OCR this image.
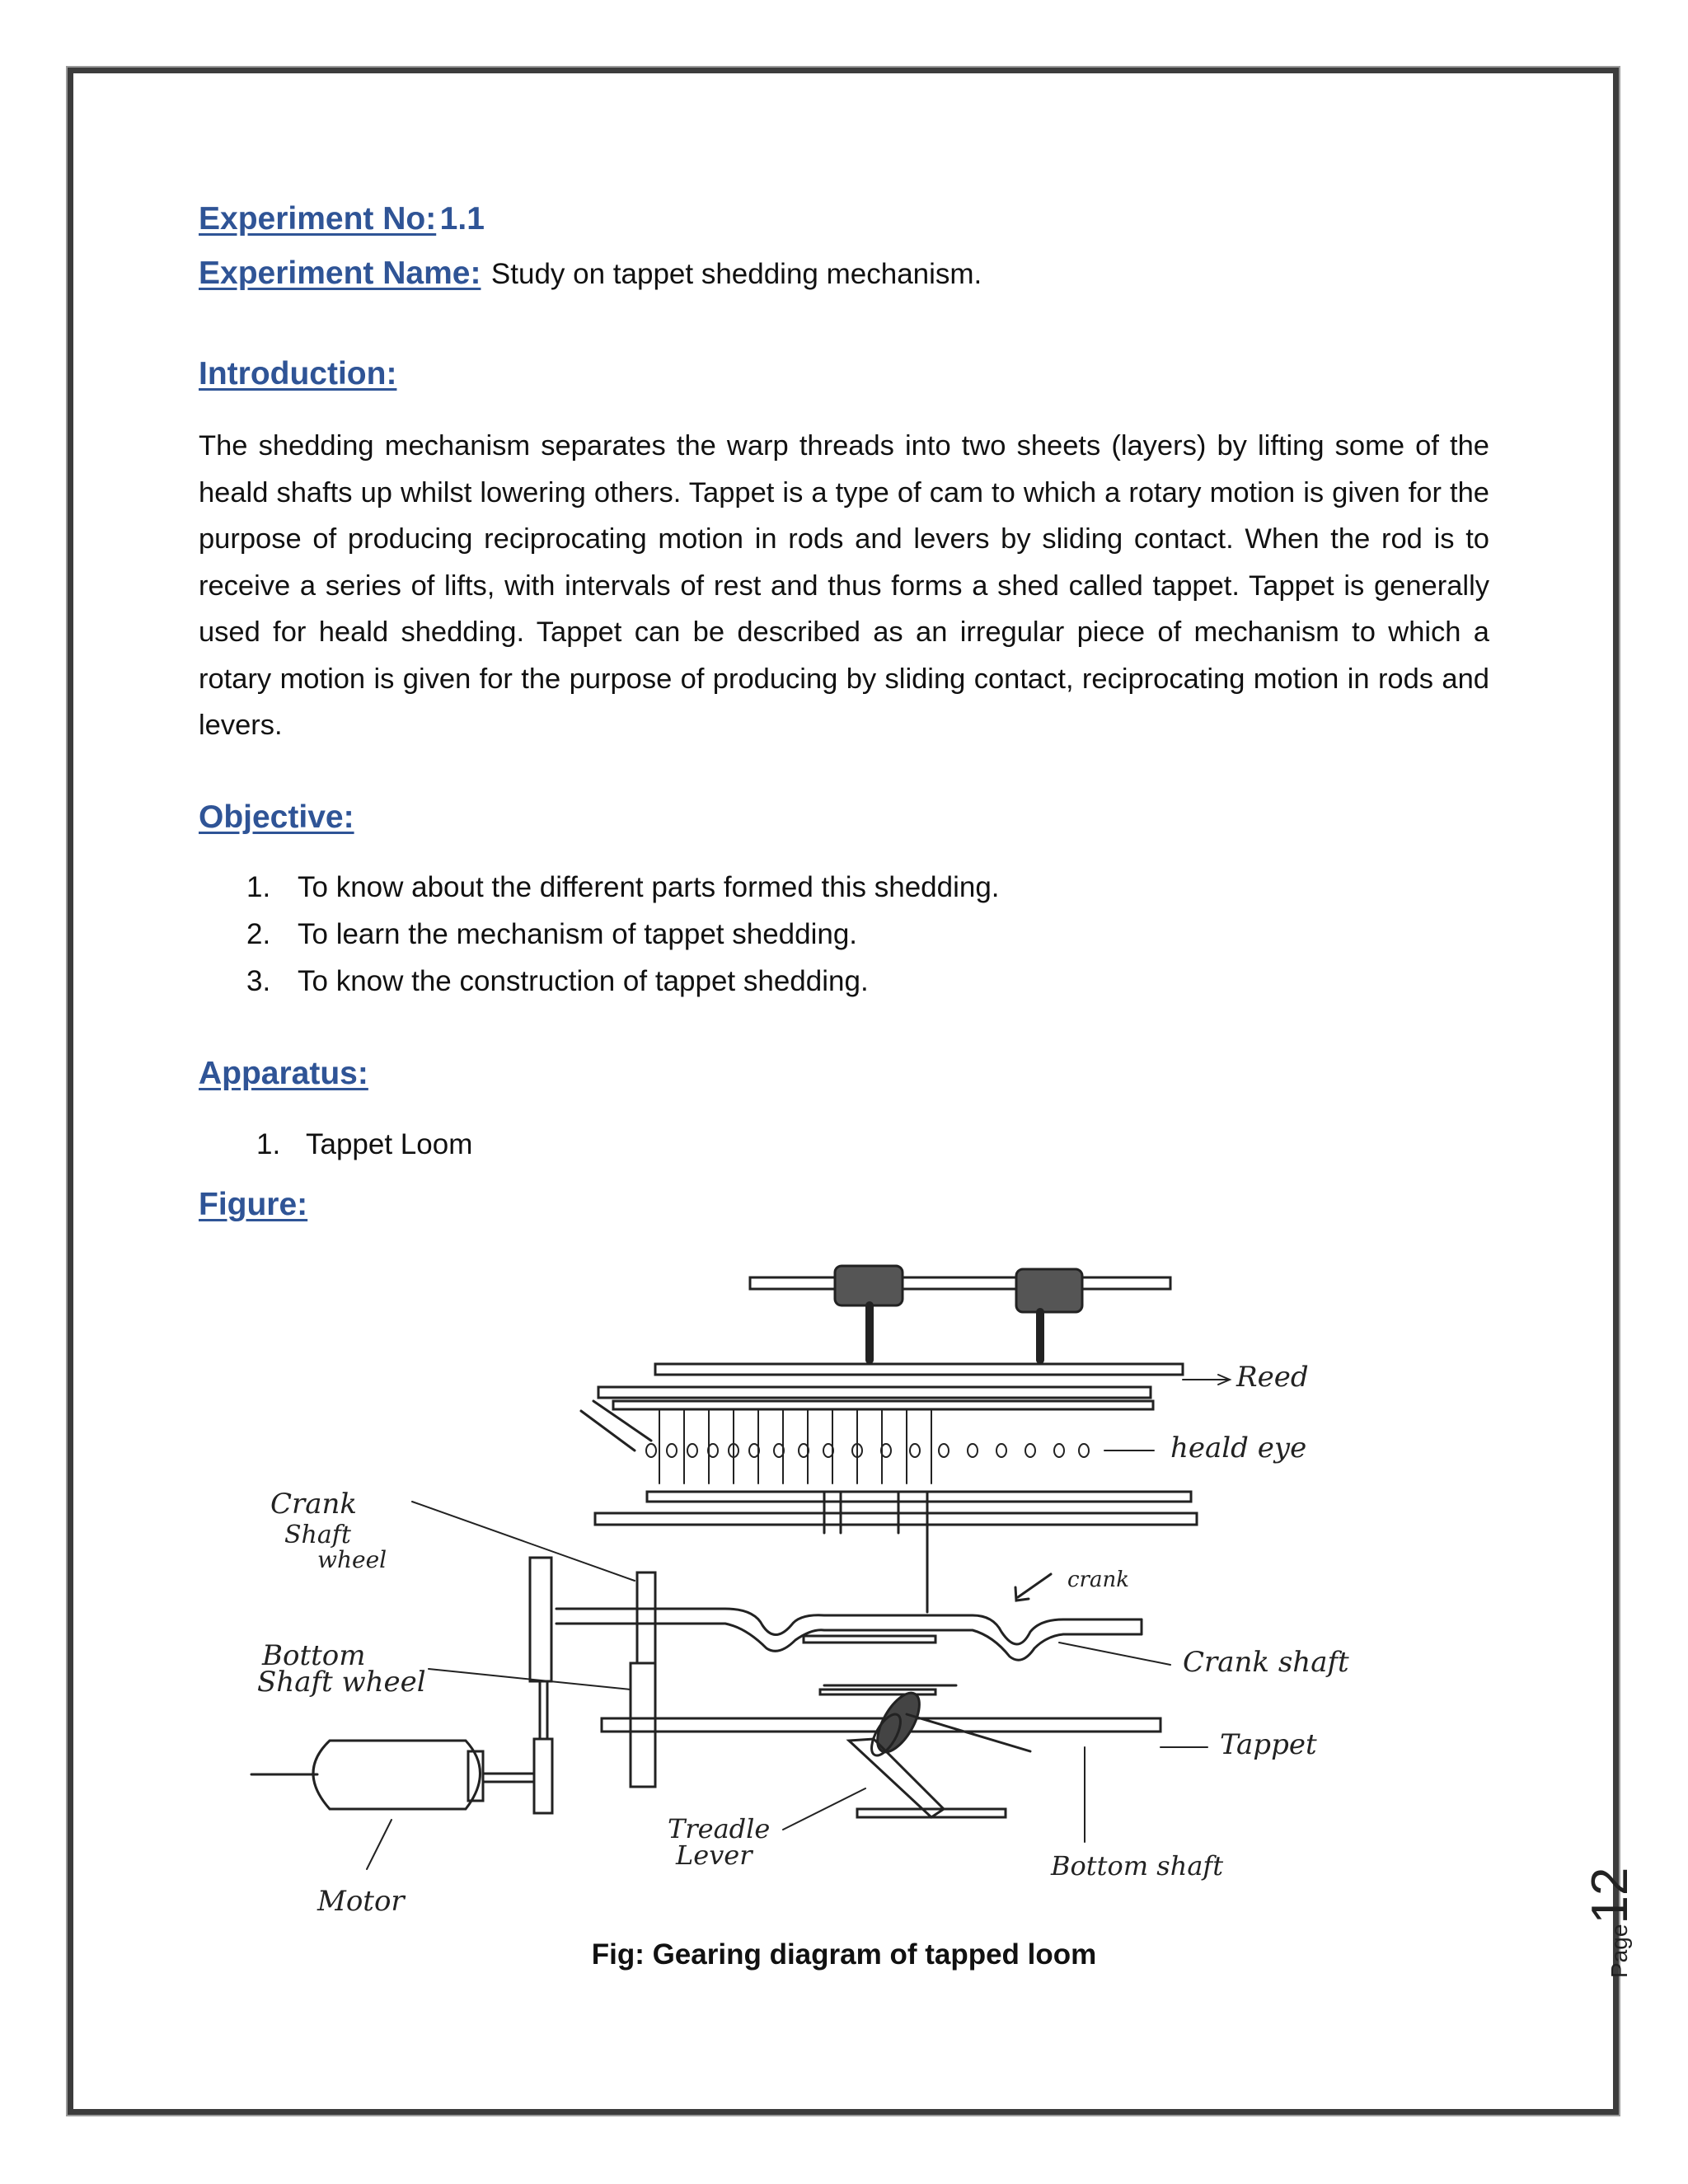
Experiment No: 1.1
Experiment Name: Study on tappet shedding mechanism.
Introduction:

The shedding mechanism separates the warp threads into two sheets (layers) by lifting some of the heald shafts up whilst lowering others. Tappet is a type of cam to which a rotary motion is given for the purpose of producing reciprocating motion in rods and levers by sliding contact. When the rod is to receive a series of lifts, with intervals of rest and thus forms a shed called tappet. Tappet is generally used for heald shedding. Tappet can be described as an irregular piece of mechanism to which a rotary motion is given for the purpose of producing by sliding contact, reciprocating motion in rods and levers.

Objective:
1. To know about the different parts formed this shedding.
2. To learn the mechanism of tappet shedding.
3. To know the construction of tappet shedding.
Apparatus:
1. Tappet Loom
Figure:
Reed
heald eye
Crank
Shaft
wheel
crank
Bottom
Shaft wheel
Crank shaft
Tappet
Treadle
Lever	Bottom shaft
Motor
Fig: Gearing diagram of tapped loom	Page12
